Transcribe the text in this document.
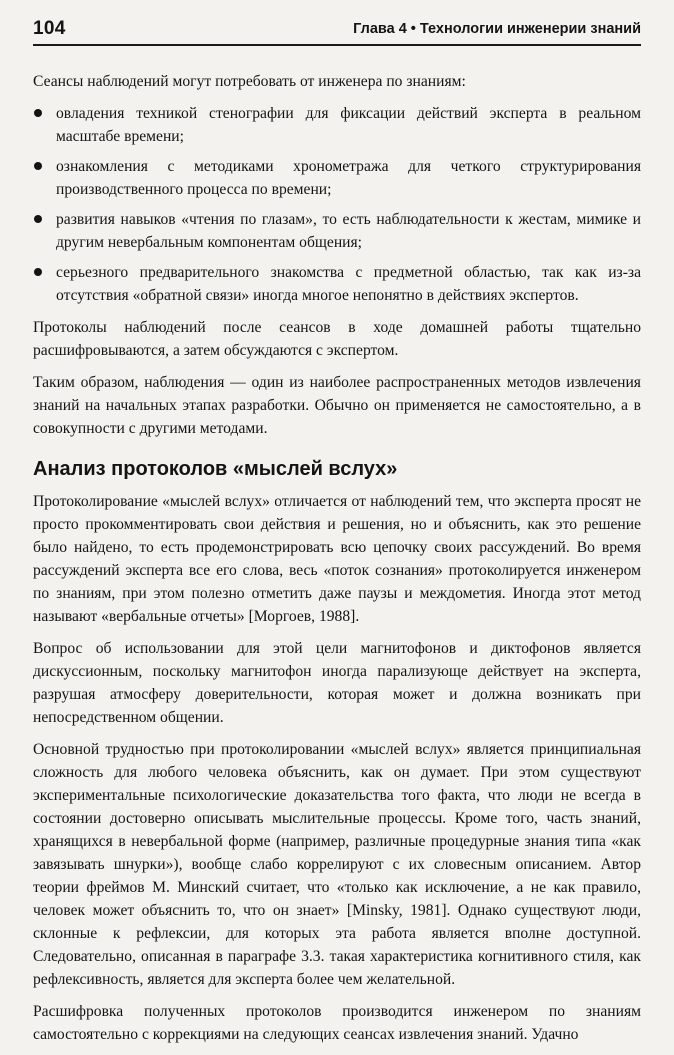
104	Глава 4 • Технологии инженерии знаний

Сеансы наблюдений могут потребовать от инженера по знаниям:

овладения техникой стенографии для фиксации действий эксперта в реальном масштабе времени;
ознакомления с методиками хронометража для четкого структурирования производственного процесса по времени;
развития навыков «чтения по глазам», то есть наблюдательности к жестам, мимике и другим невербальным компонентам общения;
серьезного предварительного знакомства с предметной областью, так как из-за отсутствия «обратной связи» иногда многое непонятно в действиях экспертов.

Протоколы наблюдений после сеансов в ходе домашней работы тщательно расшифровываются, а затем обсуждаются с экспертом.

Таким образом, наблюдения — один из наиболее распространенных методов извлечения знаний на начальных этапах разработки. Обычно он применяется не самостоятельно, а в совокупности с другими методами.

Анализ протоколов «мыслей вслух»

Протоколирование «мыслей вслух» отличается от наблюдений тем, что эксперта просят не просто прокомментировать свои действия и решения, но и объяснить, как это решение было найдено, то есть продемонстрировать всю цепочку своих рассуждений. Во время рассуждений эксперта все его слова, весь «поток сознания» протоколируется инженером по знаниям, при этом полезно отметить даже паузы и междометия. Иногда этот метод называют «вербальные отчеты» [Моргоев, 1988].

Вопрос об использовании для этой цели магнитофонов и диктофонов является дискуссионным, поскольку магнитофон иногда парализующе действует на эксперта, разрушая атмосферу доверительности, которая может и должна возникать при непосредственном общении.

Основной трудностью при протоколировании «мыслей вслух» является принципиальная сложность для любого человека объяснить, как он думает. При этом существуют экспериментальные психологические доказательства того факта, что люди не всегда в состоянии достоверно описывать мыслительные процессы. Кроме того, часть знаний, хранящихся в невербальной форме (например, различные процедурные знания типа «как завязывать шнурки»), вообще слабо коррелируют с их словесным описанием. Автор теории фреймов М. Минский считает, что «только как исключение, а не как правило, человек может объяснить то, что он знает» [Minsky, 1981]. Однако существуют люди, склонные к рефлексии, для которых эта работа является вполне доступной. Следовательно, описанная в параграфе 3.3. такая характеристика когнитивного стиля, как рефлексивность, является для эксперта более чем желательной.

Расшифровка полученных протоколов производится инженером по знаниям самостоятельно с коррекциями на следующих сеансах извлечения знаний. Удачно
